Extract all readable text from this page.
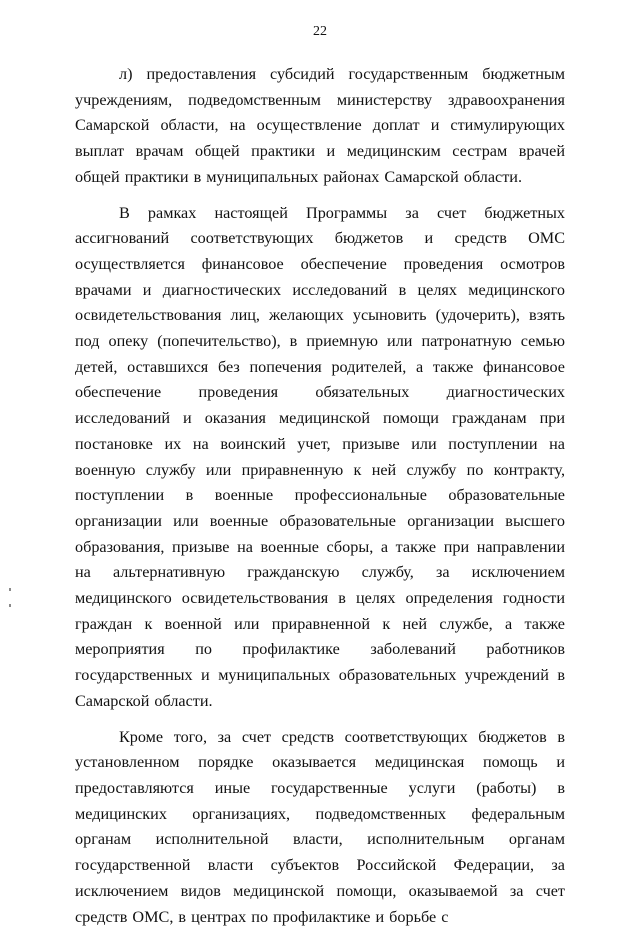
22

л) предоставления субсидий государственным бюджетным учреждениям, подведомственным министерству здравоохранения Самарской области, на осуществление доплат и стимулирующих выплат врачам общей практики и медицинским сестрам врачей общей практики в муниципальных районах Самарской области.

В рамках настоящей Программы за счет бюджетных ассигнований соответствующих бюджетов и средств ОМС осуществляется финансовое обеспечение проведения осмотров врачами и диагностических исследований в целях медицинского освидетельствования лиц, желающих усыновить (удочерить), взять под опеку (попечительство), в приемную или патронатную семью детей, оставшихся без попечения родителей, а также финансовое обеспечение проведения обязательных диагностических исследований и оказания медицинской помощи гражданам при постановке их на воинский учет, призыве или поступлении на военную службу или приравненную к ней службу по контракту, поступлении в военные профессиональные образовательные организации или военные образовательные организации высшего образования, призыве на военные сборы, а также при направлении на альтернативную гражданскую службу, за исключением медицинского освидетельствования в целях определения годности граждан к военной или приравненной к ней службе, а также мероприятия по профилактике заболеваний работников государственных и муниципальных образовательных учреждений в Самарской области.

Кроме того, за счет средств соответствующих бюджетов в установленном порядке оказывается медицинская помощь и предоставляются иные государственные услуги (работы) в медицинских организациях, подведомственных федеральным органам исполнительной власти, исполнительным органам государственной власти субъектов Российской Федерации, за исключением видов медицинской помощи, оказываемой за счет средств ОМС, в центрах по профилактике и борьбе с
